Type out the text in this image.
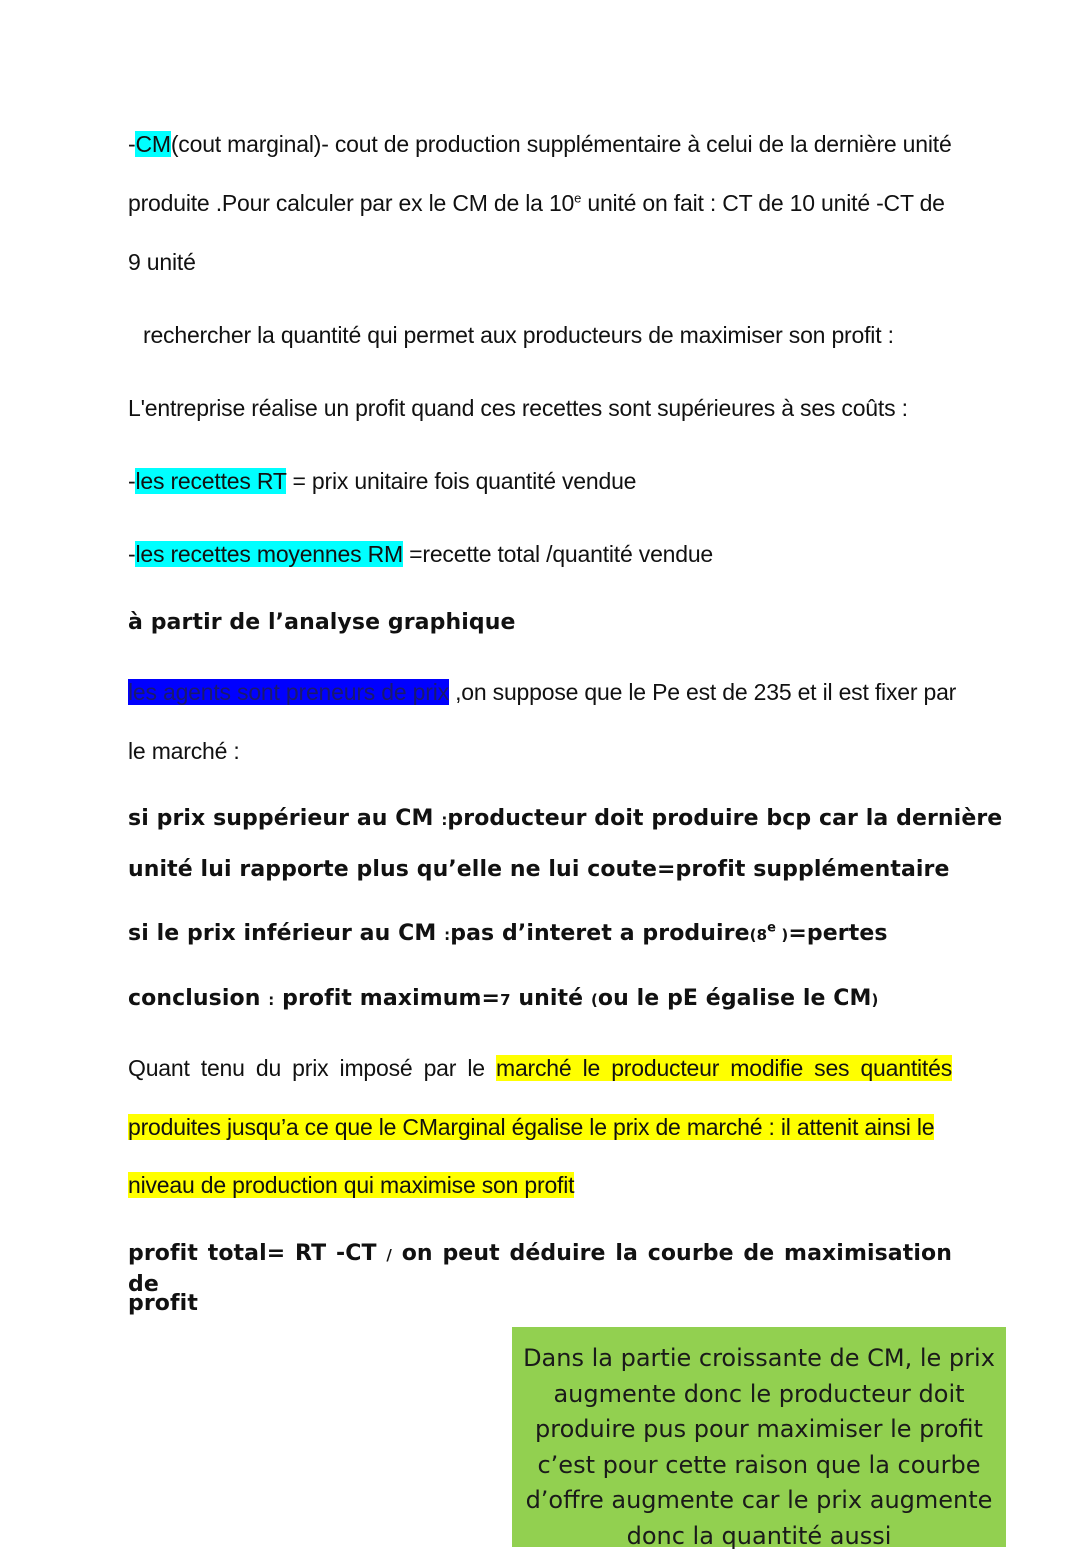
-CM(cout marginal)- cout de production supplémentaire à celui de la dernière unité
produite .Pour calculer par ex le CM de la 10e unité on fait : CT de 10 unité -CT de
9 unité
rechercher la quantité qui permet aux producteurs de maximiser son profit :
L'entreprise réalise un profit quand ces recettes sont supérieures à ses coûts :
-les recettes RT = prix unitaire fois quantité vendue
-les recettes moyennes RM =recette total /quantité vendue
à partir de l’analyse graphique
les agents sont preneurs de prix ,on suppose que le Pe est de 235 et il est fixer par
le marché :
si prix suppérieur au CM :producteur doit produire bcp car la dernière
unité lui rapporte plus qu’elle ne lui coute=profit supplémentaire
si le prix inférieur au CM :pas d’interet a produire(8e )=pertes
conclusion : profit maximum=7 unité (ou le pE égalise le CM)
Quant tenu du prix imposé par le marché le producteur modifie ses quantités
produites jusqu’a ce que le CMarginal égalise le prix de marché : il attenit ainsi le
niveau de production qui maximise son profit
profit total= RT -CT / on peut déduire la courbe de maximisation de
profit
Dans la partie croissante de CM, le prix
augmente donc le producteur doit
produire pus pour maximiser le profit
c’est pour cette raison que la courbe
d’offre augmente car le prix augmente
donc la quantité aussi
